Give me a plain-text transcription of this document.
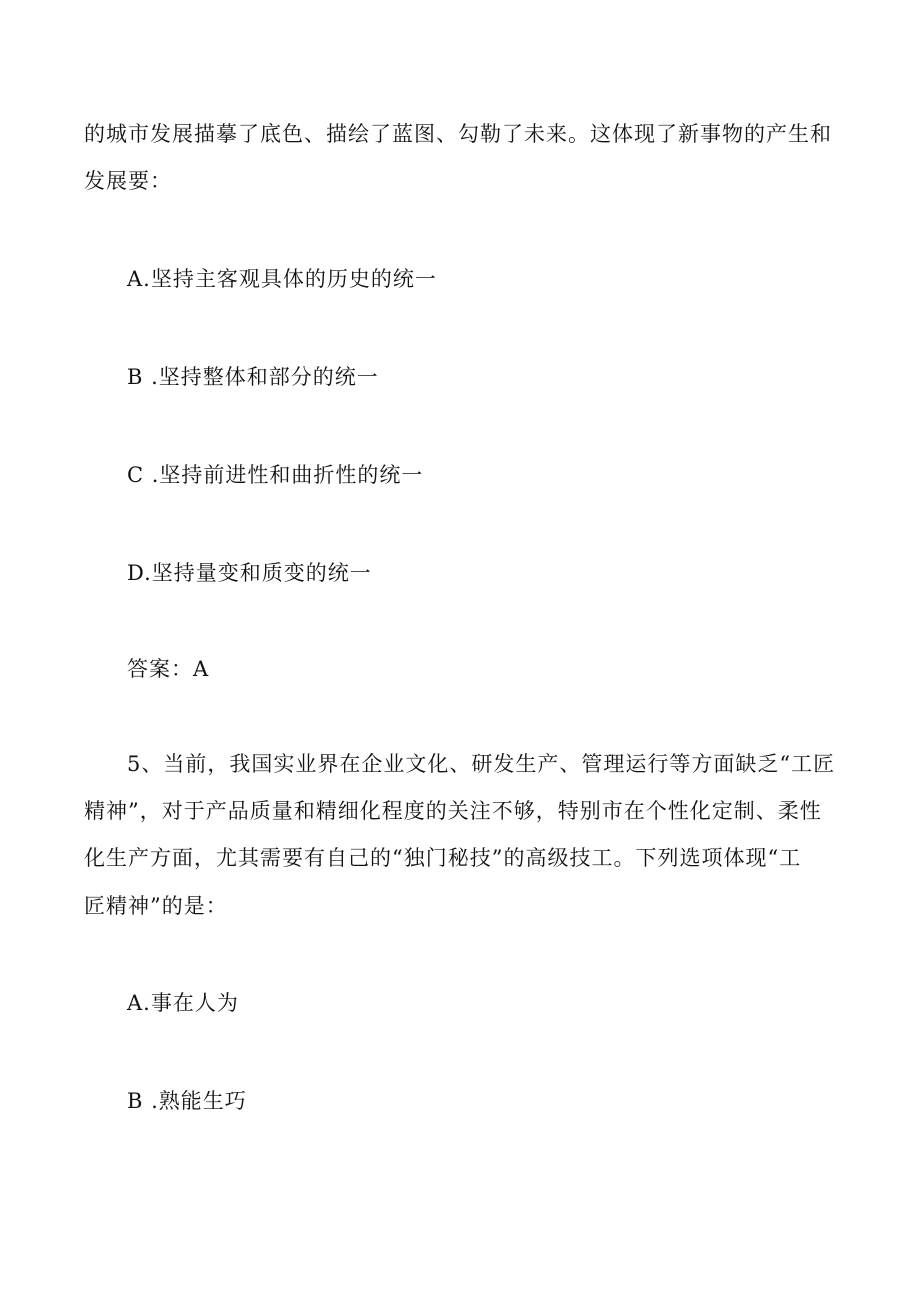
的城市发展描摹了底色、描绘了蓝图、勾勒了未来。这体现了新事物的产生和
发展要：
A.坚持主客观具体的历史的统一
B .坚持整体和部分的统一
C .坚持前进性和曲折性的统一
D.坚持量变和质变的统一
答案：A
5、当前，我国实业界在企业文化、研发生产、管理运行等方面缺乏“工匠
精神”，对于产品质量和精细化程度的关注不够，特别市在个性化定制、柔性
化生产方面，尤其需要有自己的“独门秘技”的高级技工。下列选项体现“工
匠精神”的是：
A.事在人为
B .熟能生巧
